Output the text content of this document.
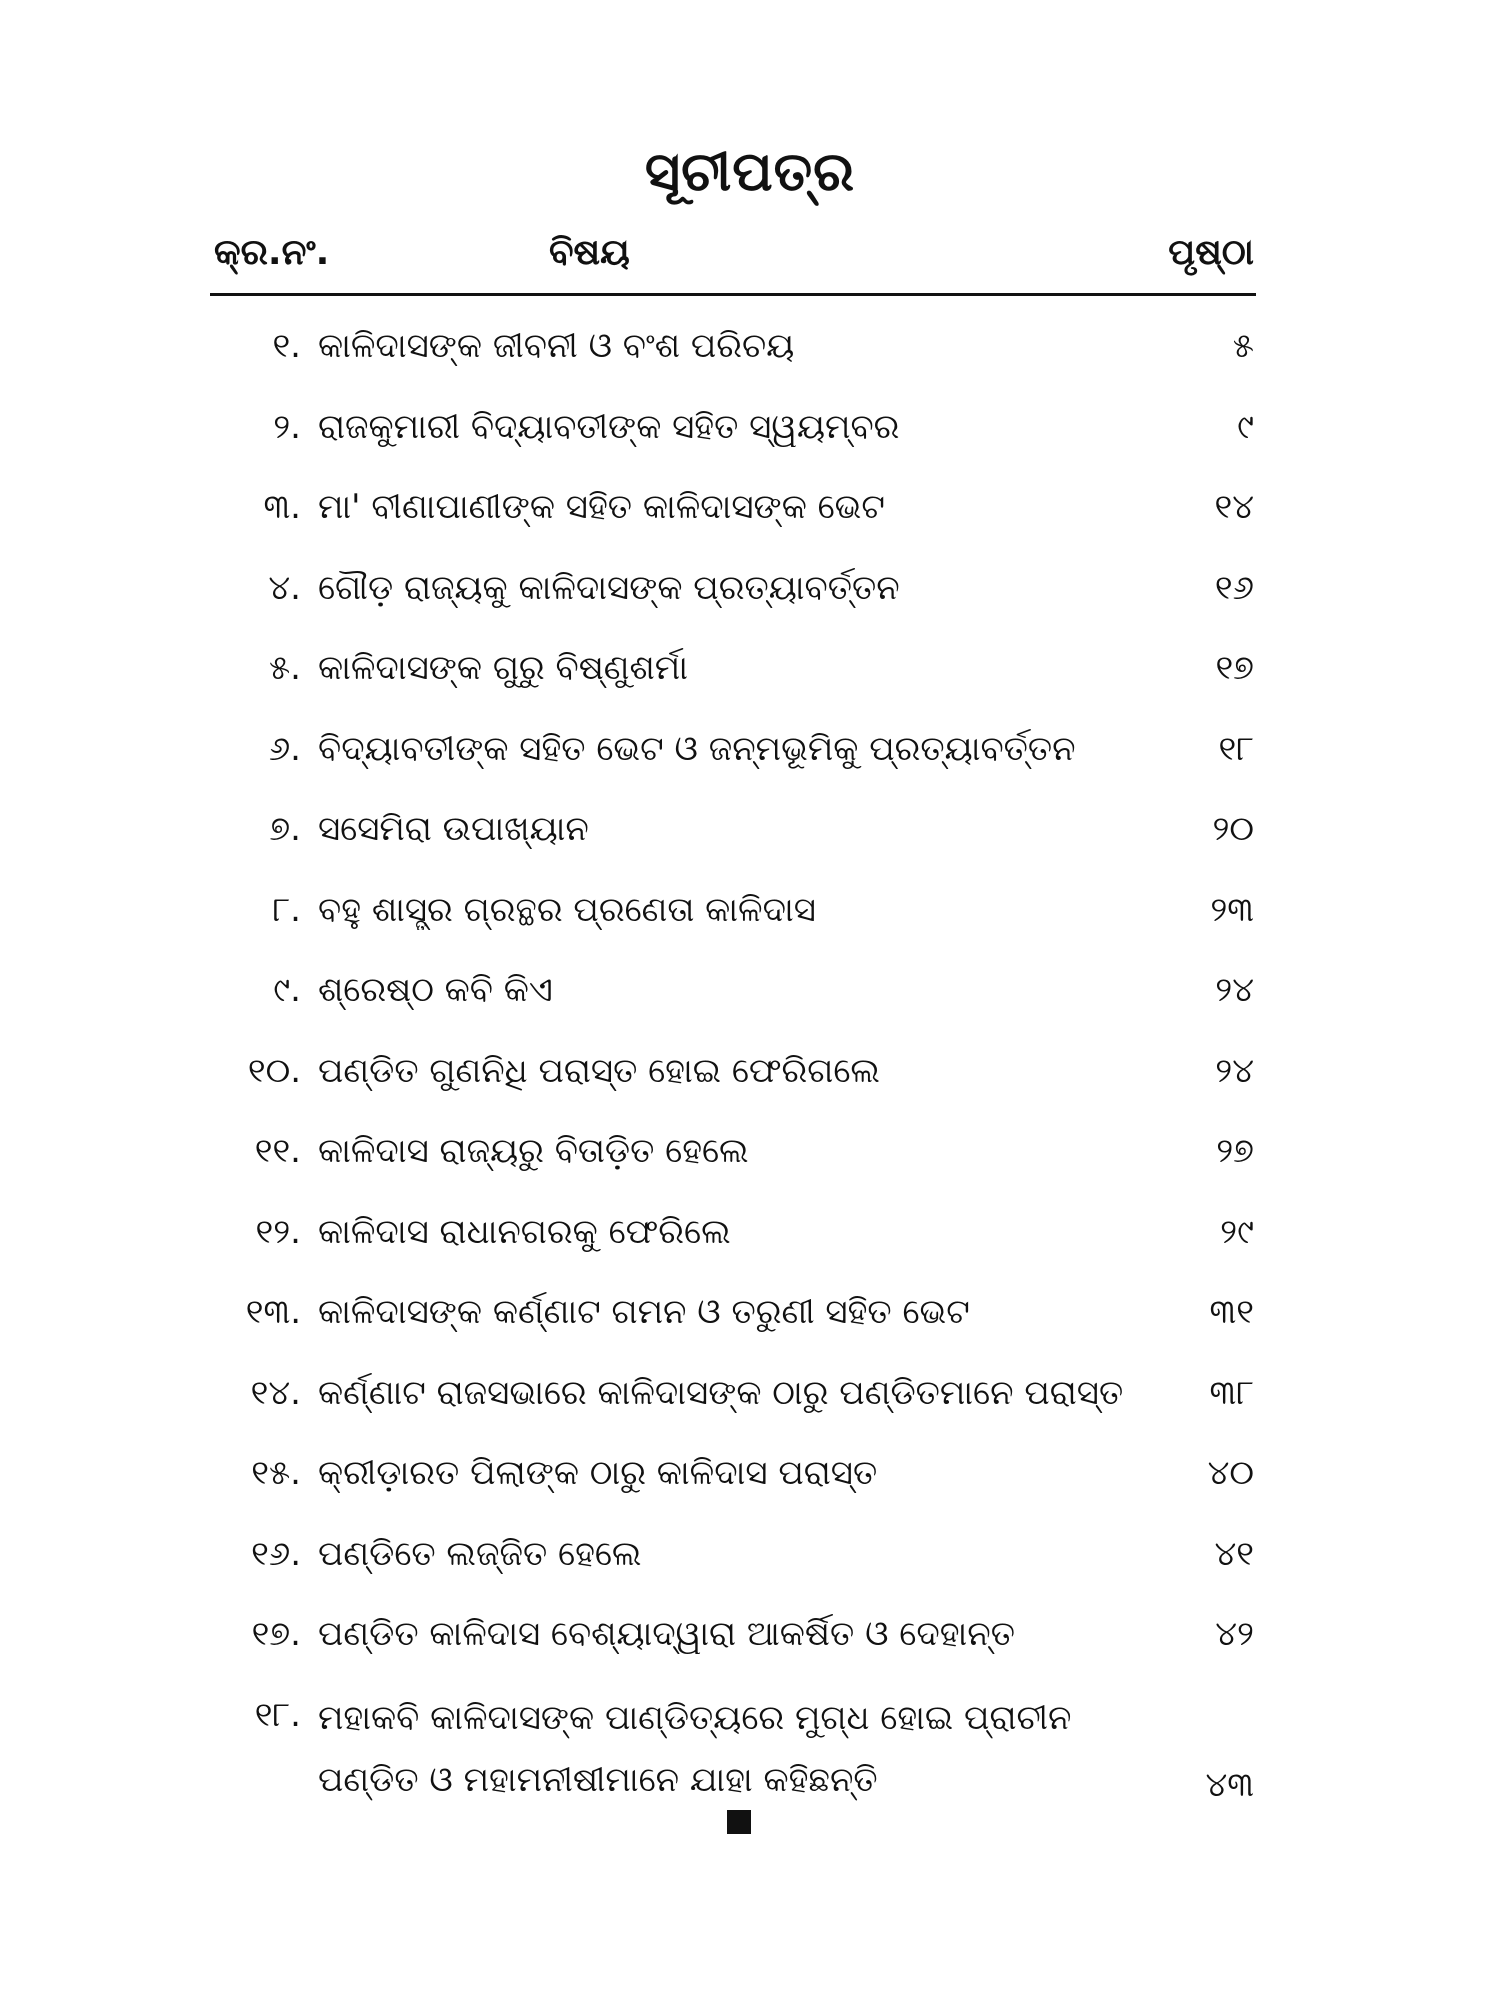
ସୂଚୀପତ୍ର
କ୍ର.ନଂ.	ବିଷୟ	ପୃଷ୍ଠା
୧. କାଳିଦାସଙ୍କ ଜୀବନୀ ଓ ବଂଶ ପରିଚୟ	୫
୨. ରାଜକୁମାରୀ ବିଦ୍ୟାବତୀଙ୍କ ସହିତ ସ୍ୱୟମ୍ବର	୯
୩. ମା' ବୀଣାପାଣୀଙ୍କ ସହିତ କାଳିଦାସଙ୍କ ଭେଟ	୧୪
୪. ଗୌଡ଼ ରାଜ୍ୟକୁ କାଳିଦାସଙ୍କ ପ୍ରତ୍ୟାବର୍ତ୍ତନ	୧୬
୫. କାଳିଦାସଙ୍କ ଗୁରୁ ବିଷ୍ଣୁଶର୍ମା	୧୭
୬. ବିଦ୍ୟାବତୀଙ୍କ ସହିତ ଭେଟ ଓ ଜନ୍ମଭୂମିକୁ ପ୍ରତ୍ୟାବର୍ତ୍ତନ	୧୮
୭. ସସେମିରା ଉପାଖ୍ୟାନ	୨୦
୮. ବହୁ ଶାସ୍ତ୍ର ଗ୍ରନ୍ଥର ପ୍ରଣେତା କାଳିଦାସ	୨୩
୯. ଶ୍ରେଷ୍ଠ କବି କିଏ	୨୪
୧୦. ପଣ୍ଡିତ ଗୁଣନିଧି ପରାସ୍ତ ହୋଇ ଫେରିଗଲେ	୨୪
୧୧. କାଳିଦାସ ରାଜ୍ୟରୁ ବିତାଡ଼ିତ ହେଲେ	୨୭
୧୨. କାଳିଦାସ ରାଧାନଗରକୁ ଫେରିଲେ	୨୯
୧୩. କାଳିଦାସଙ୍କ କର୍ଣ୍ଣାଟ ଗମନ ଓ ତରୁଣୀ ସହିତ ଭେଟ	୩୧
୧୪. କର୍ଣ୍ଣାଟ ରାଜସଭାରେ କାଳିଦାସଙ୍କ ଠାରୁ ପଣ୍ଡିତମାନେ ପରାସ୍ତ	୩୮
୧୫. କ୍ରୀଡ଼ାରତ ପିଲାଙ୍କ ଠାରୁ କାଳିଦାସ ପରାସ୍ତ	୪୦
୧୬. ପଣ୍ଡିତେ ଲଜ୍ଜିତ ହେଲେ	୪୧
୧୭. ପଣ୍ଡିତ କାଳିଦାସ ବେଶ୍ୟାଦ୍ୱାରା ଆକର୍ଷିତ ଓ ଦେହାନ୍ତ	୪୨
୧୮. ମହାକବି କାଳିଦାସଙ୍କ ପାଣ୍ଡିତ୍ୟରେ ମୁଗ୍ଧ ହୋଇ ପ୍ରାଚୀନ ପଣ୍ଡିତ ଓ ମହାମନୀଷୀମାନେ ଯାହା କହିଛନ୍ତି	୪୩
